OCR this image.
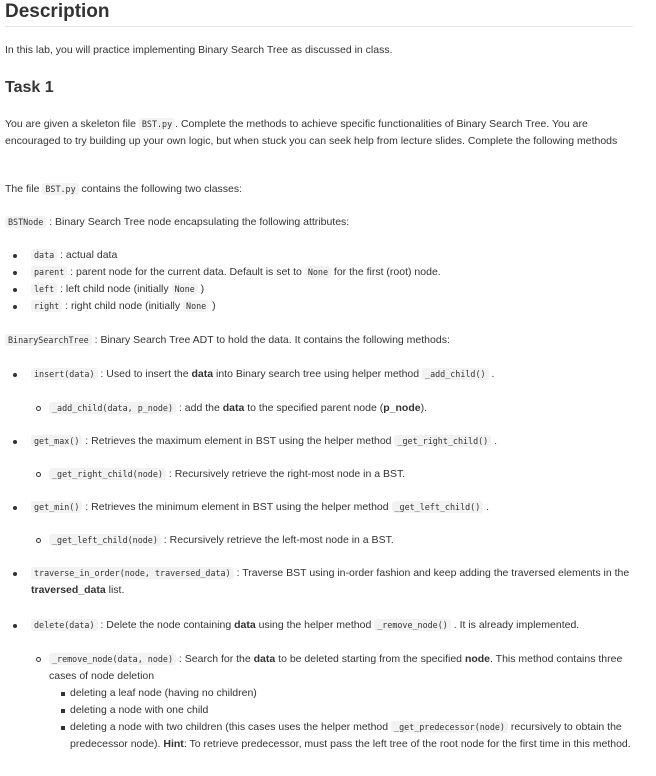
Description

In this lab, you will practice implementing Binary Search Tree as discussed in class.

Task 1

You are given a skeleton file BST.py . Complete the methods to achieve specific functionalities of Binary Search Tree. You are encouraged to try building up your own logic, but when stuck you can seek help from lecture slides. Complete the following methods

The file BST.py contains the following two classes:

BSTNode : Binary Search Tree node encapsulating the following attributes:

data : actual data
parent : parent node for the current data. Default is set to None for the first (root) node.
left : left child node (initially None )
right : right child node (initially None )

BinarySearchTree : Binary Search Tree ADT to hold the data. It contains the following methods:

insert(data) : Used to insert the data into Binary search tree using helper method _add_child() .
_add_child(data, p_node) : add the data to the specified parent node (p_node).
get_max() : Retrieves the maximum element in BST using the helper method _get_right_child() .
_get_right_child(node) : Recursively retrieve the right-most node in a BST.
get_min() : Retrieves the minimum element in BST using the helper method _get_left_child() .
_get_left_child(node) : Recursively retrieve the left-most node in a BST.
traverse_in_order(node, traversed_data) : Traverse BST using in-order fashion and keep adding the traversed elements in the traversed_data list.
delete(data) : Delete the node containing data using the helper method _remove_node() . It is already implemented.
_remove_node(data, node) : Search for the data to be deleted starting from the specified node. This method contains three cases of node deletion
deleting a leaf node (having no children)
deleting a node with one child
deleting a node with two children (this cases uses the helper method _get_predecessor(node) recursively to obtain the predecessor node). Hint: To retrieve predecessor, must pass the left tree of the root node for the first time in this method.
